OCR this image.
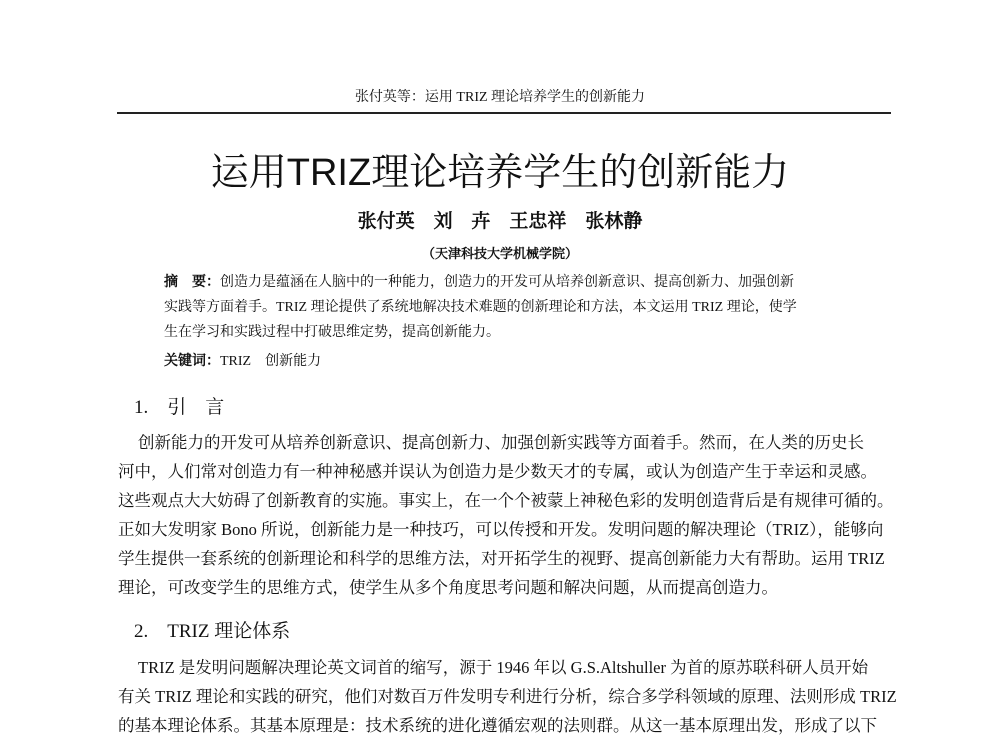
张付英等：运用 TRIZ 理论培养学生的创新能力
运用TRIZ理论培养学生的创新能力
张付英　刘 卉　王忠祥　张林静
（天津科技大学机械学院）
摘　要：创造力是蕴涵在人脑中的一种能力，创造力的开发可从培养创新意识、提高创新力、加强创新
实践等方面着手。TRIZ 理论提供了系统地解决技术难题的创新理论和方法，本文运用 TRIZ 理论，使学
生在学习和实践过程中打破思维定势，提高创新能力。
关键词：TRIZ　创新能力
1.　引　言
创新能力的开发可从培养创新意识、提高创新力、加强创新实践等方面着手。然而，在人类的历史长
河中，人们常对创造力有一种神秘感并误认为创造力是少数天才的专属，或认为创造产生于幸运和灵感。
这些观点大大妨碍了创新教育的实施。事实上，在一个个被蒙上神秘色彩的发明创造背后是有规律可循的。
正如大发明家 Bono 所说，创新能力是一种技巧，可以传授和开发。发明问题的解决理论（TRIZ），能够向
学生提供一套系统的创新理论和科学的思维方法，对开拓学生的视野、提高创新能力大有帮助。运用 TRIZ
理论，可改变学生的思维方式，使学生从多个角度思考问题和解决问题，从而提高创造力。
2.　TRIZ 理论体系
TRIZ 是发明问题解决理论英文词首的缩写，源于 1946 年以 G.S.Altshuller 为首的原苏联科研人员开始
有关 TRIZ 理论和实践的研究，他们对数百万件发明专利进行分析，综合多学科领域的原理、法则形成 TRIZ
的基本理论体系。其基本原理是：技术系统的进化遵循宏观的法则群。从这一基本原理出发，形成了以下
